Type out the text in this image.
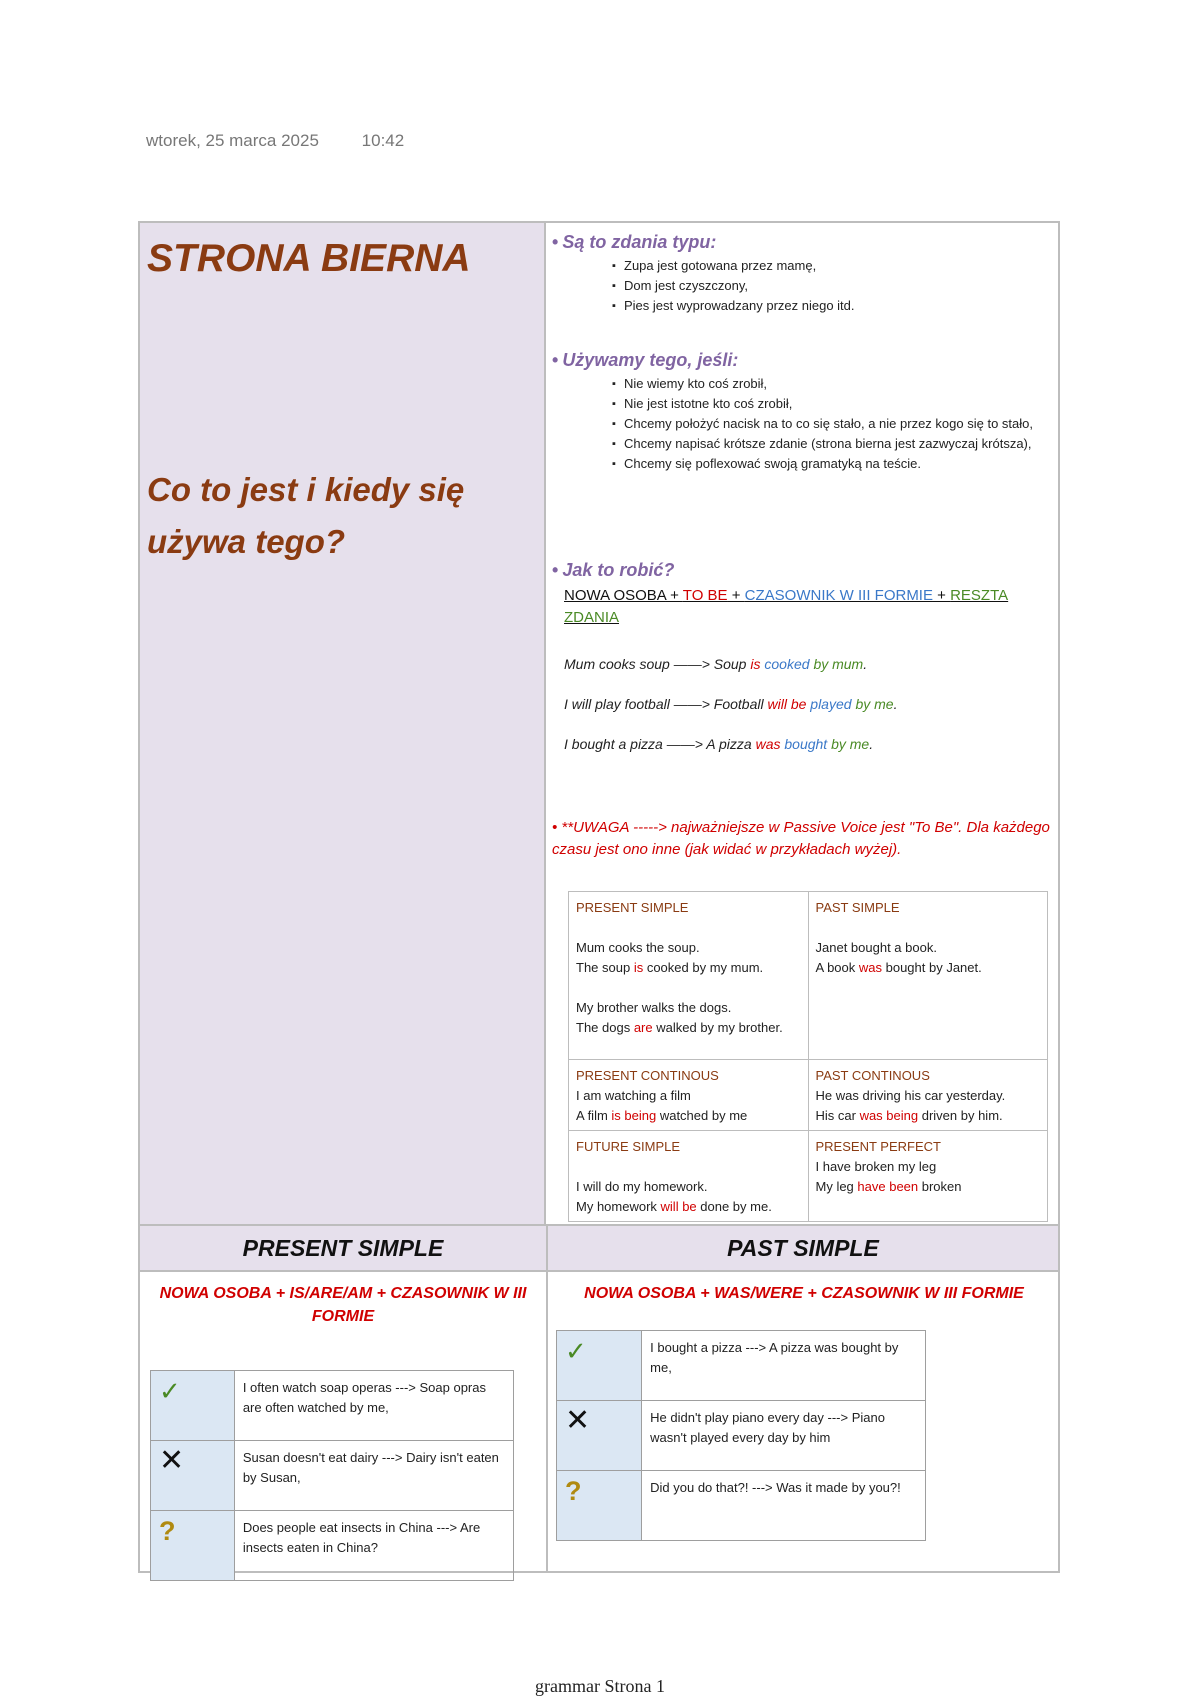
wtorek, 25 marca 2025	10:42
STRONA BIERNA
Co to jest i kiedy się używa tego?
• Są to zdania typu:
▪ Zupa jest gotowana przez mamę,
▪ Dom jest czyszczony,
▪ Pies jest wyprowadzany przez niego itd.
• Używamy tego, jeśli:
▪ Nie wiemy kto coś zrobił,
▪ Nie jest istotne kto coś zrobił,
▪ Chcemy położyć nacisk na to co się stało, a nie przez kogo się to stało,
▪ Chcemy napisać krótsze zdanie (strona bierna jest zazwyczaj krótsza),
▪ Chcemy się poflexować swoją gramatyką na teście.
• Jak to robić?
NOWA OSOBA + TO BE + CZASOWNIK W III FORMIE + RESZTA ZDANIA
Mum cooks soup ——> Soup is cooked by mum.
I will play football ——> Football will be played by me.
I bought a pizza ——> A pizza was bought by me.
• **UWAGA -----> najważniejsze w Passive Voice jest "To Be". Dla każdego czasu jest ono inne (jak widać w przykładach wyżej).
PRESENT SIMPLE
Mum cooks the soup.
The soup is cooked by my mum.
My brother walks the dogs.
The dogs are walked by my brother.	PAST SIMPLE
Janet bought a book.
A book was bought by Janet.

PRESENT CONTINOUS
I am watching a film
A film is being watched by me	PAST CONTINOUS
He was driving his car yesterday.
His car was being driven by him.

FUTURE SIMPLE
I will do my homework.
My homework will be done by me.	PRESENT PERFECT
I have broken my leg
My leg have been broken
PRESENT SIMPLE	PAST SIMPLE
NOWA OSOBA + IS/ARE/AM + CZASOWNIK W III FORMIE
NOWA OSOBA + WAS/WERE + CZASOWNIK W III FORMIE
✓	I often watch soap operas ---> Soap opras are often watched by me,
✕	Susan doesn't eat dairy ---> Dairy isn't eaten by Susan,
?	Does people eat insects in China ---> Are insects eaten in China?
✓	I bought a pizza ---> A pizza was bought by me,
✕	He didn't play piano every day ---> Piano wasn't played every day by him
?	Did you do that?! ---> Was it made by you?!
grammar Strona 1
